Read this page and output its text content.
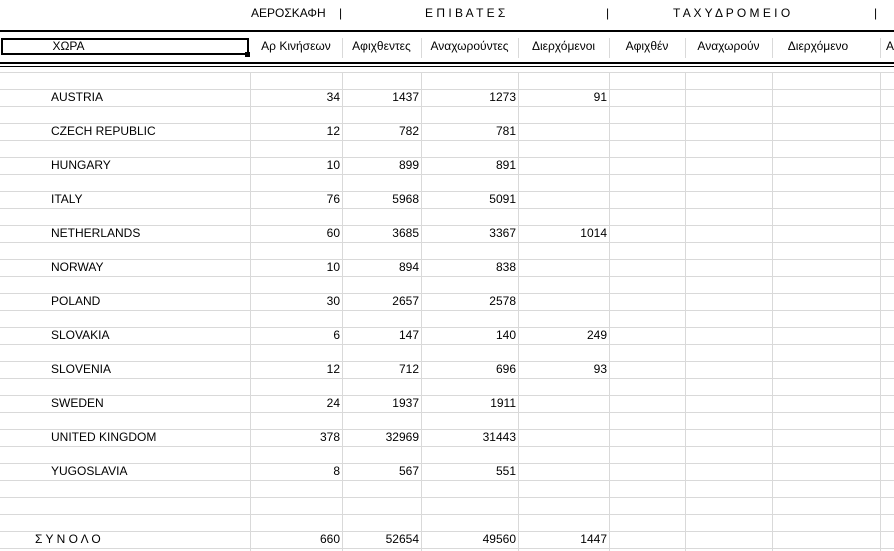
ΑΕΡΟΣΚΑΦΗ |	Ε Π Ι Β Α Τ Ε Σ	|	Τ Α Χ Υ Δ Ρ Ο Μ Ε Ι Ο	|
ΧΩΡΑ	Αρ Κινήσεων	Αφιχθεντες	Αναχωρούντες	Διερχόμενοι	Αφιχθέν	Αναχωρούν	Διερχόμενο	Α
AUSTRIA	34	1437	1273	91
CZECH REPUBLIC	12	782	781
HUNGARY	10	899	891
ITALY	76	5968	5091
NETHERLANDS	60	3685	3367	1014
NORWAY	10	894	838
POLAND	30	2657	2578
SLOVAKIA	6	147	140	249
SLOVENIA	12	712	696	93
SWEDEN	24	1937	1911
UNITED KINGDOM	378	32969	31443
YUGOSLAVIA	8	567	551
Σ Υ Ν Ο Λ Ο	660	52654	49560	1447
